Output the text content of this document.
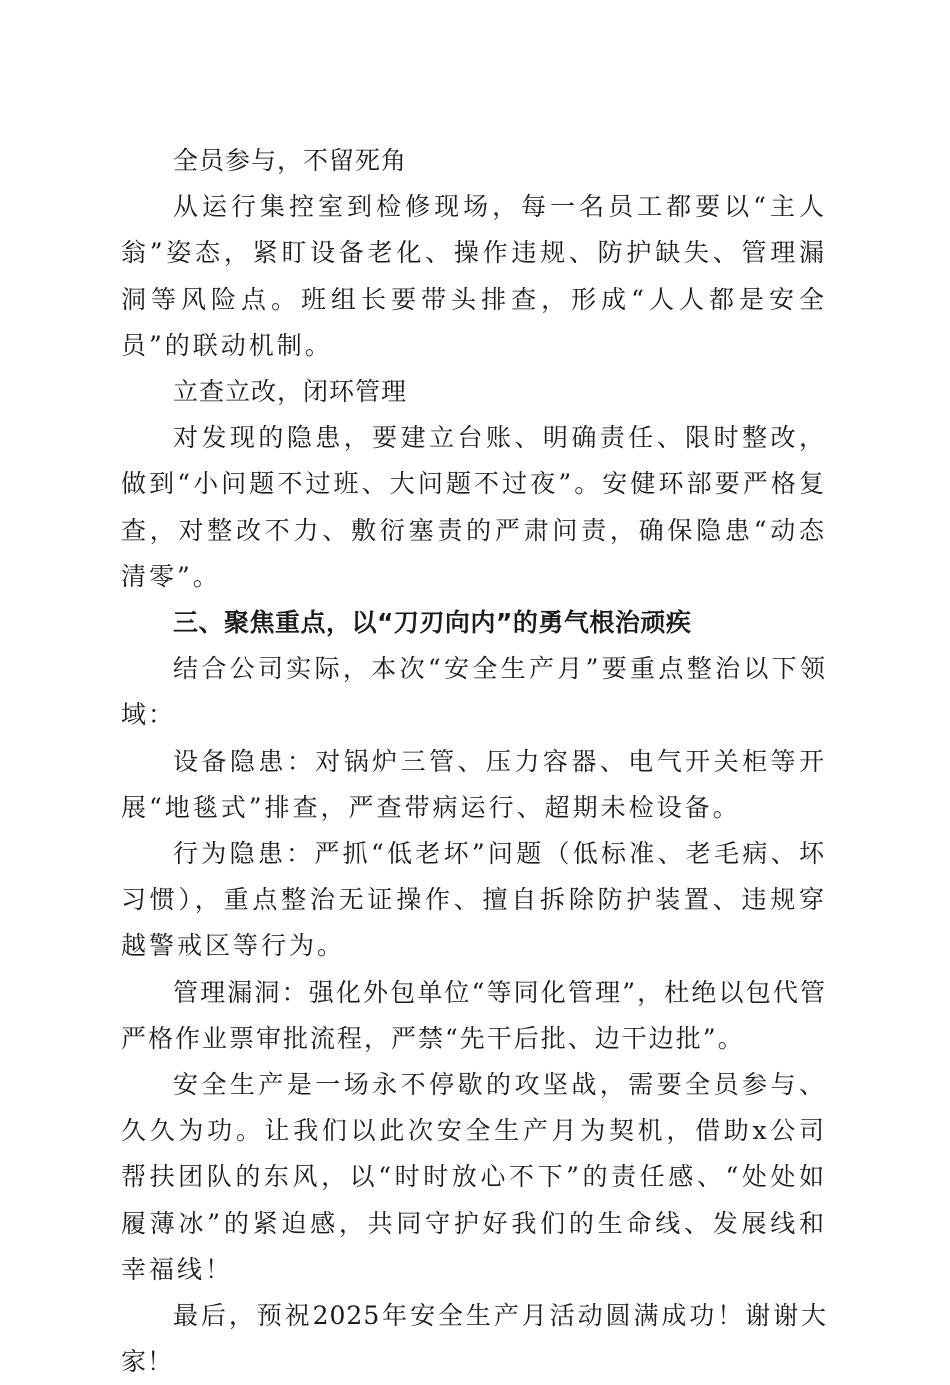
全员参与，不留死角

从运行集控室到检修现场，每一名员工都要以“主人翁”姿态，紧盯设备老化、操作违规、防护缺失、管理漏洞等风险点。班组长要带头排查，形成“人人都是安全员”的联动机制。

立查立改，闭环管理

对发现的隐患，要建立台账、明确责任、限时整改，做到“小问题不过班、大问题不过夜”。安健环部要严格复查，对整改不力、敷衍塞责的严肃问责，确保隐患“动态清零”。

三、聚焦重点，以“刀刃向内”的勇气根治顽疾

结合公司实际，本次“安全生产月”要重点整治以下领域：

设备隐患：对锅炉三管、压力容器、电气开关柜等开展“地毯式”排查，严查带病运行、超期未检设备。

行为隐患：严抓“低老坏”问题（低标准、老毛病、坏习惯），重点整治无证操作、擅自拆除防护装置、违规穿越警戒区等行为。

管理漏洞：强化外包单位“等同化管理”，杜绝以包代管严格作业票审批流程，严禁“先干后批、边干边批”。

安全生产是一场永不停歇的攻坚战，需要全员参与、久久为功。让我们以此次安全生产月为契机，借助x公司帮扶团队的东风，以“时时放心不下”的责任感、“处处如履薄冰”的紧迫感，共同守护好我们的生命线、发展线和幸福线！

最后，预祝2025年安全生产月活动圆满成功！谢谢大家！
